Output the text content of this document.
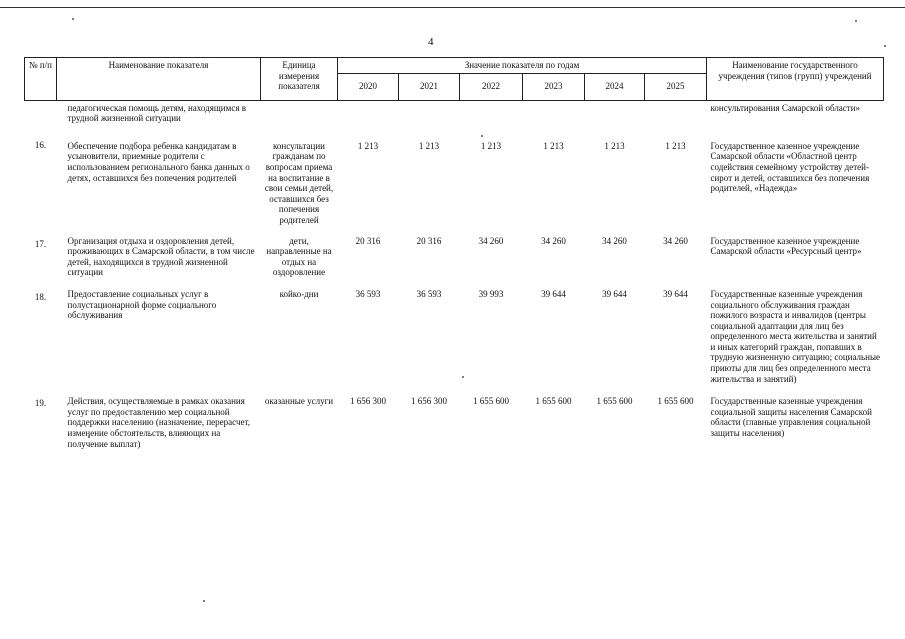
4
№ п/п	Наименование показателя	Единица измерения показателя	Значение показателя по годам						Наименование государственного учреждения (типов (групп) учреждений
			2020	2021	2022	2023	2024	2025	
	педагогическая помощь детям, находящимся в трудной жизненной ситуации								консультирования Самарской области»
16.	Обеспечение подбора ребенка кандидатам в усыновители, приемные родители с использованием регионального банка данных о детях, оставшихся без попечения родителей	консультации гражданам по вопросам приема на воспитание в свои семьи детей, оставшихся без попечения родителей	1 213	1 213	1 213	1 213	1 213	1 213	Государственное казенное учреждение Самарской области «Областной центр содействия семейному устройству детей-сирот и детей, оставшихся без попечения родителей, «Надежда»
17.	Организация отдыха и оздоровления детей, проживающих в Самарской области, в том числе детей, находящихся в трудной жизненной ситуации	дети, направленные на отдых на оздоровление	20 316	20 316	34 260	34 260	34 260	34 260	Государственное казенное учреждение Самарской области «Ресурсный центр»
18.	Предоставление социальных услуг в полустационарной форме социального обслуживания	койко-дни	36 593	36 593	39 993	39 644	39 644	39 644	Государственные казенные учреждения социального обслуживания граждан пожилого возраста и инвалидов (центры социальной адаптации для лиц без определенного места жительства и занятий и иных категорий граждан, попавших в трудную жизненную ситуацию; социальные приюты для лиц без определенного места жительства и занятий)
19.	Действия, осуществляемые в рамках оказания услуг по предоставлению мер социальной поддержки населению (назначение, перерасчет, изменение обстоятельств, влияющих на получение выплат)	оказанные услуги	1 656 300	1 656 300	1 655 600	1 655 600	1 655 600	1 655 600	Государственные казенные учреждения социальной защиты населения Самарской области (главные управления социальной защиты населения)
